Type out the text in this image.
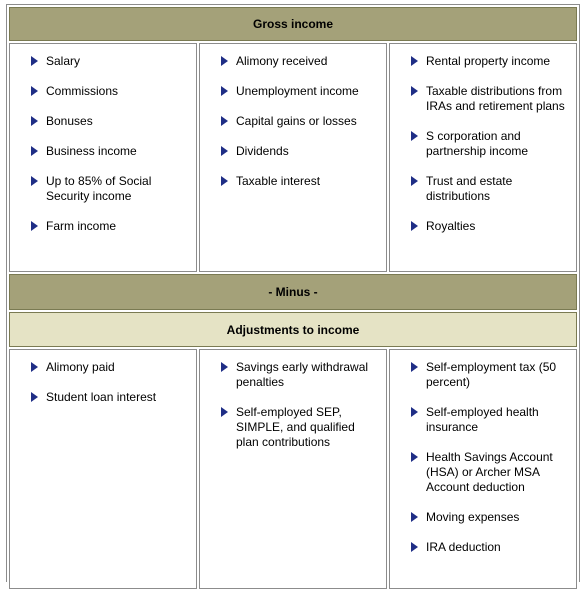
Gross income
Salary
Commissions
Bonuses
Business income
Up to 85% of Social Security income
Farm income
Alimony received
Unemployment income
Capital gains or losses
Dividends
Taxable interest
Rental property income
Taxable distributions from IRAs and retirement plans
S corporation and partnership income
Trust and estate distributions
Royalties
- Minus -
Adjustments to income
Alimony paid
Student loan interest
Savings early withdrawal penalties
Self-employed SEP, SIMPLE, and qualified plan contributions
Self-employment tax (50 percent)
Self-employed health insurance
Health Savings Account (HSA) or Archer MSA Account deduction
Moving expenses
IRA deduction
